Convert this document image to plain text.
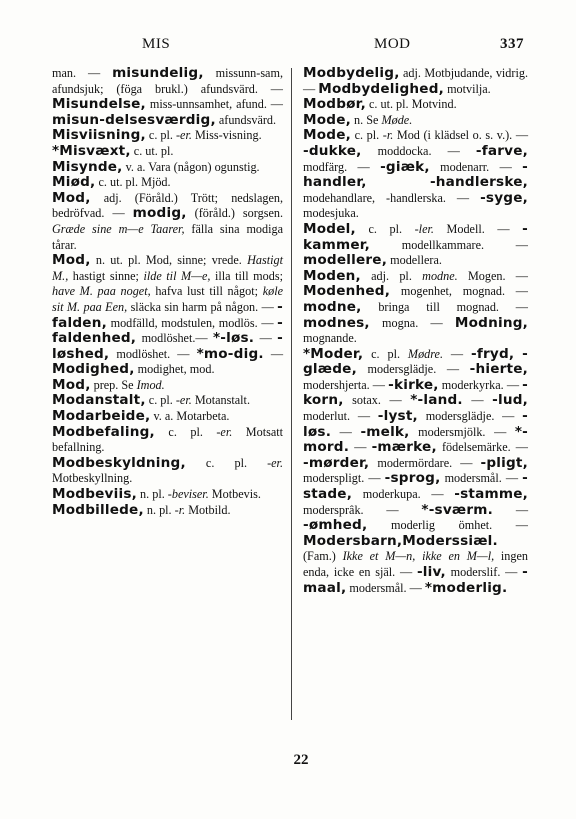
MIS	MOD	337

man. — misundelig, missunn-sam, afundsjuk; (föga brukl.) afundsvärd. — Misundelse, miss-unnsamhet, afund. — misun-delsesværdig, afundsvärd.

Misviisning, c. pl. -er. Miss-visning.

*Misvæxt, c. ut. pl.

Misynde, v. a. Vara (någon) ogunstig.

Miød, c. ut. pl. Mjöd.

Mod, adj. (Föråld.) Trött; nedslagen, bedröfvad. — modig, (föråld.) sorgsen. Græde sine m—e Taarer, fälla sina modiga tårar.

Mod, n. ut. pl. Mod, sinne; vrede. Hastigt M., hastigt sinne; ilde til M—e, illa till mods; have M. paa noget, hafva lust till något; køle sit M. paa Een, släcka sin harm på någon. — -falden, modfälld, modstulen, modlös. — -faldenhed, modlöshet.— *-løs. — -løshed, modlöshet. — *mo-dig. — Modighed, modighet, mod.

Mod, prep. Se Imod.

Modanstalt, c. pl. -er. Motanstalt.

Modarbeide, v. a. Motarbeta.

Modbefaling, c. pl. -er. Motsatt befallning.

Modbeskyldning, c. pl. -er. Motbeskyllning.

Modbeviis, n. pl. -beviser. Motbevis.

Modbillede, n. pl. -r. Motbild.

Modbydelig, adj. Motbjudande, vidrig. — Modbydelighed, motvilja.

Modbør, c. ut. pl. Motvind.

Mode, n. Se Møde.

Mode, c. pl. -r. Mod (i klädsel o. s. v.). — -dukke, moddocka. — -farve, modfärg. — -giæk, modenarr. — -handler,	-handlerske, modehandlare, -handlerska. — -syge, modesjuka.

Model, c. pl. -ler. Modell. — -kammer, modellkammare. — modellere, modellera.

Moden, adj. pl. modne. Mogen. — Modenhed, mogenhet, mognad. — modne, bringa till mognad. — modnes, mogna. — Modning, mognande.

*Moder, c. pl. Mødre. — -fryd, -glæde, modersglädje. — -hierte, modershjerta. — -kirke, moderkyrka. — -korn, sotax. — *-land. — -lud, moderlut. — -lyst, modersglädje. — -løs. — -melk, modersmjölk. — *-mord. — -mærke, födelsemärke. — -mørder, modermördare. — -pligt, moderspligt. — -sprog, modersmål. — -stade, moderkupa. — -stamme, modersprâk. — *-sværm. — -ømhed, moderlig ömhet. — Modersbarn,Moderssiæl. (Fam.) Ikke et M—n, ikke en M—l, ingen enda, icke en själ. — -liv, moderslif. — -maal, modersmål. — *moderlig.

22
